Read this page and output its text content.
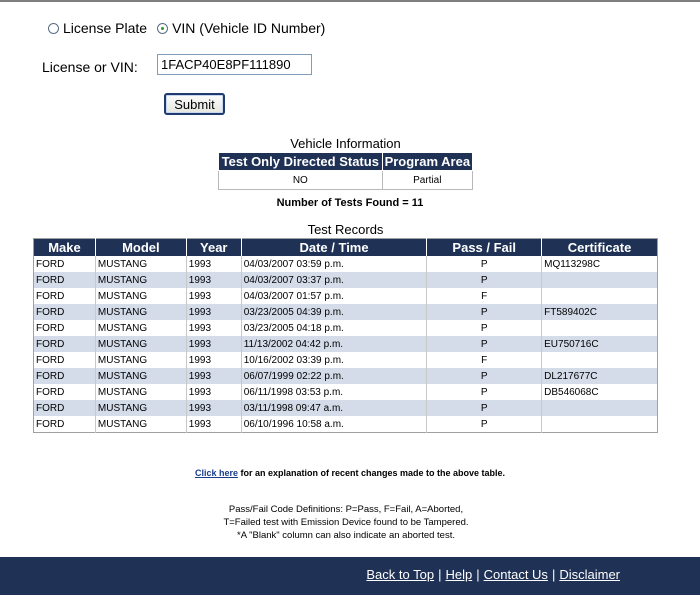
License Plate VIN (Vehicle ID Number)
License or VIN:
1FACP40E8PF111890
Submit
Vehicle Information
Test Only Directed Status	Program Area
NO	Partial
Number of Tests Found = 11
Test Records
Make	Model	Year	Date / Time	Pass / Fail	Certificate
FORD	MUSTANG	1993	04/03/2007 03:59 p.m.	P	MQ113298C
FORD	MUSTANG	1993	04/03/2007 03:37 p.m.	P	
FORD	MUSTANG	1993	04/03/2007 01:57 p.m.	F	
FORD	MUSTANG	1993	03/23/2005 04:39 p.m.	P	FT589402C
FORD	MUSTANG	1993	03/23/2005 04:18 p.m.	P	
FORD	MUSTANG	1993	11/13/2002 04:42 p.m.	P	EU750716C
FORD	MUSTANG	1993	10/16/2002 03:39 p.m.	F	
FORD	MUSTANG	1993	06/07/1999 02:22 p.m.	P	DL217677C
FORD	MUSTANG	1993	06/11/1998 03:53 p.m.	P	DB546068C
FORD	MUSTANG	1993	03/11/1998 09:47 a.m.	P	
FORD	MUSTANG	1993	06/10/1996 10:58 a.m.	P	
Click here for an explanation of recent changes made to the above table.
Pass/Fail Code Definitions: P=Pass, F=Fail, A=Aborted,
T=Failed test with Emission Device found to be Tampered.
*A "Blank" column can also indicate an aborted test.
Back to Top | Help | Contact Us | Disclaimer
